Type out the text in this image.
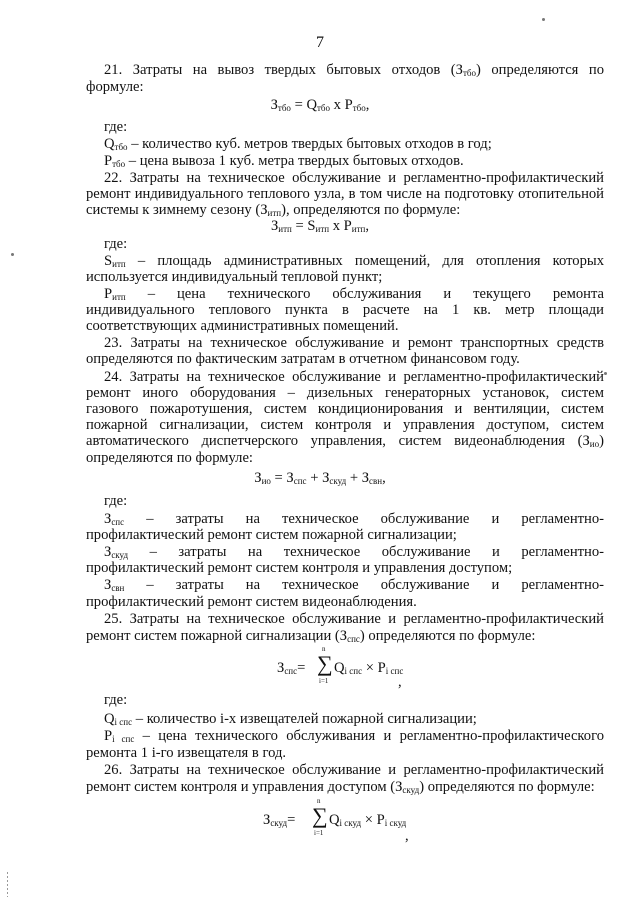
7
21. Затраты на вывоз твердых бытовых отходов $(З_{тбо})$ определяются по
формуле:
$З_{тбо} = Q_{тбо}$ х $Р_{тбо}$,
где:
$Q_{тбо}$ – количество куб. метров твердых бытовых отходов в год;
$Р_{тбо}$ – цена вывоза 1 куб. метра твердых бытовых отходов.
22. Затраты на техническое обслуживание и регламентно-профилактический
ремонт индивидуального теплового узла, в том числе на подготовку отопительной
системы к зимнему сезону $(З_{итп})$, определяются по формуле:
$З_{итп} = S_{итп}$ х $Р_{итп}$,
где:
$S_{итп}$ – площадь административных помещений, для отопления которых
используется индивидуальный тепловой пункт;
$Р_{итп}$ – цена технического обслуживания и текущего ремонта
индивидуального теплового пункта в расчете на 1 кв. метр площади
соответствующих административных помещений.
23. Затраты на техническое обслуживание и ремонт транспортных средств
определяются по фактическим затратам в отчетном финансовом году.
24. Затраты на техническое обслуживание и регламентно-профилактический
ремонт иного оборудования – дизельных генераторных установок, систем
газового пожаротушения, систем кондиционирования и вентиляции, систем
пожарной сигнализации, систем контроля и управления доступом, систем
автоматического диспетчерского управления, систем видеонаблюдения $(З_{ио})$
определяются по формуле:
$З_{ио} = З_{спс} + З_{скуд} + З_{свн}$,
где:
$З_{спс}$ – затраты на техническое обслуживание и регламентно-
профилактический ремонт систем пожарной сигнализации;
$З_{скуд}$ – затраты на техническое обслуживание и регламентно-
профилактический ремонт систем контроля и управления доступом;
$З_{свн}$ – затраты на техническое обслуживание и регламентно-
профилактический ремонт систем видеонаблюдения.
25. Затраты на техническое обслуживание и регламентно-профилактический
ремонт систем пожарной сигнализации $(З_{спс})$ определяются по формуле:
$З_{спс}=$
n
∑
i=1
$Q_{i спс} \times P_{i спс}$
,
где:
$Q_{i спс}$ – количество i-х извещателей пожарной сигнализации;
$Р_{i спс}$ – цена технического обслуживания и регламентно-профилактического
ремонта 1 i-го извещателя в год.
26. Затраты на техническое обслуживание и регламентно-профилактический
ремонт систем контроля и управления доступом $(З_{скуд})$ определяются по формуле:
$З_{скуд}=$
n
∑
i=1
$Q_{i скуд} \times P_{i скуд}$
,
